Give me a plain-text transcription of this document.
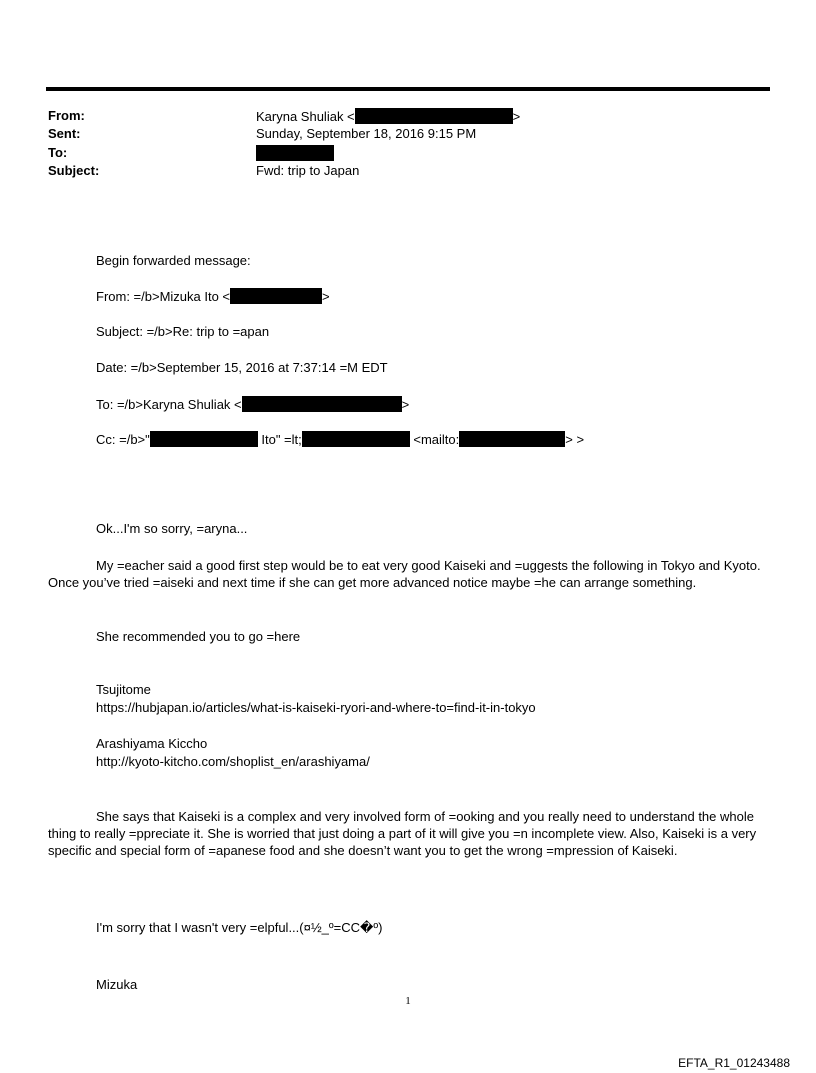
From:	Karyna Shuliak <	>
Sent:	Sunday, September 18, 2016 9:15 PM
To:
Subject:	Fwd: trip to Japan
Begin forwarded message:
From: =/b>Mizuka Ito <	>
Subject: =/b>Re: trip to =apan
Date: =/b>September 15, 2016 at 7:37:14 =M EDT
To: =/b>Karyna Shuliak <	>
Cc: =/b>"	Ito" =lt;	<mailto:	> >
Ok...I'm so sorry, =aryna...
My =eacher said a good first step would be to eat very good Kaiseki and =uggests the following in Tokyo and Kyoto. Once you’ve tried =aiseki and next time if she can get more advanced notice maybe =he can arrange something.
She recommended you to go =here
Tsujitome
https://hubjapan.io/articles/what-is-kaiseki-ryori-and-where-to=find-it-in-tokyo
Arashiyama Kiccho
http://kyoto-kitcho.com/shoplist_en/arashiyama/
She says that Kaiseki is a complex and very involved form of =ooking and you really need to understand the whole thing to really =ppreciate it. She is worried that just doing a part of it will give you =n incomplete view. Also, Kaiseki is a very specific and special form of =apanese food and she doesn’t want you to get the wrong =mpression of Kaiseki.
I'm sorry that I wasn't very =elpful...(¤½_º=CC�º)
Mizuka
1
EFTA_R1_01243488
